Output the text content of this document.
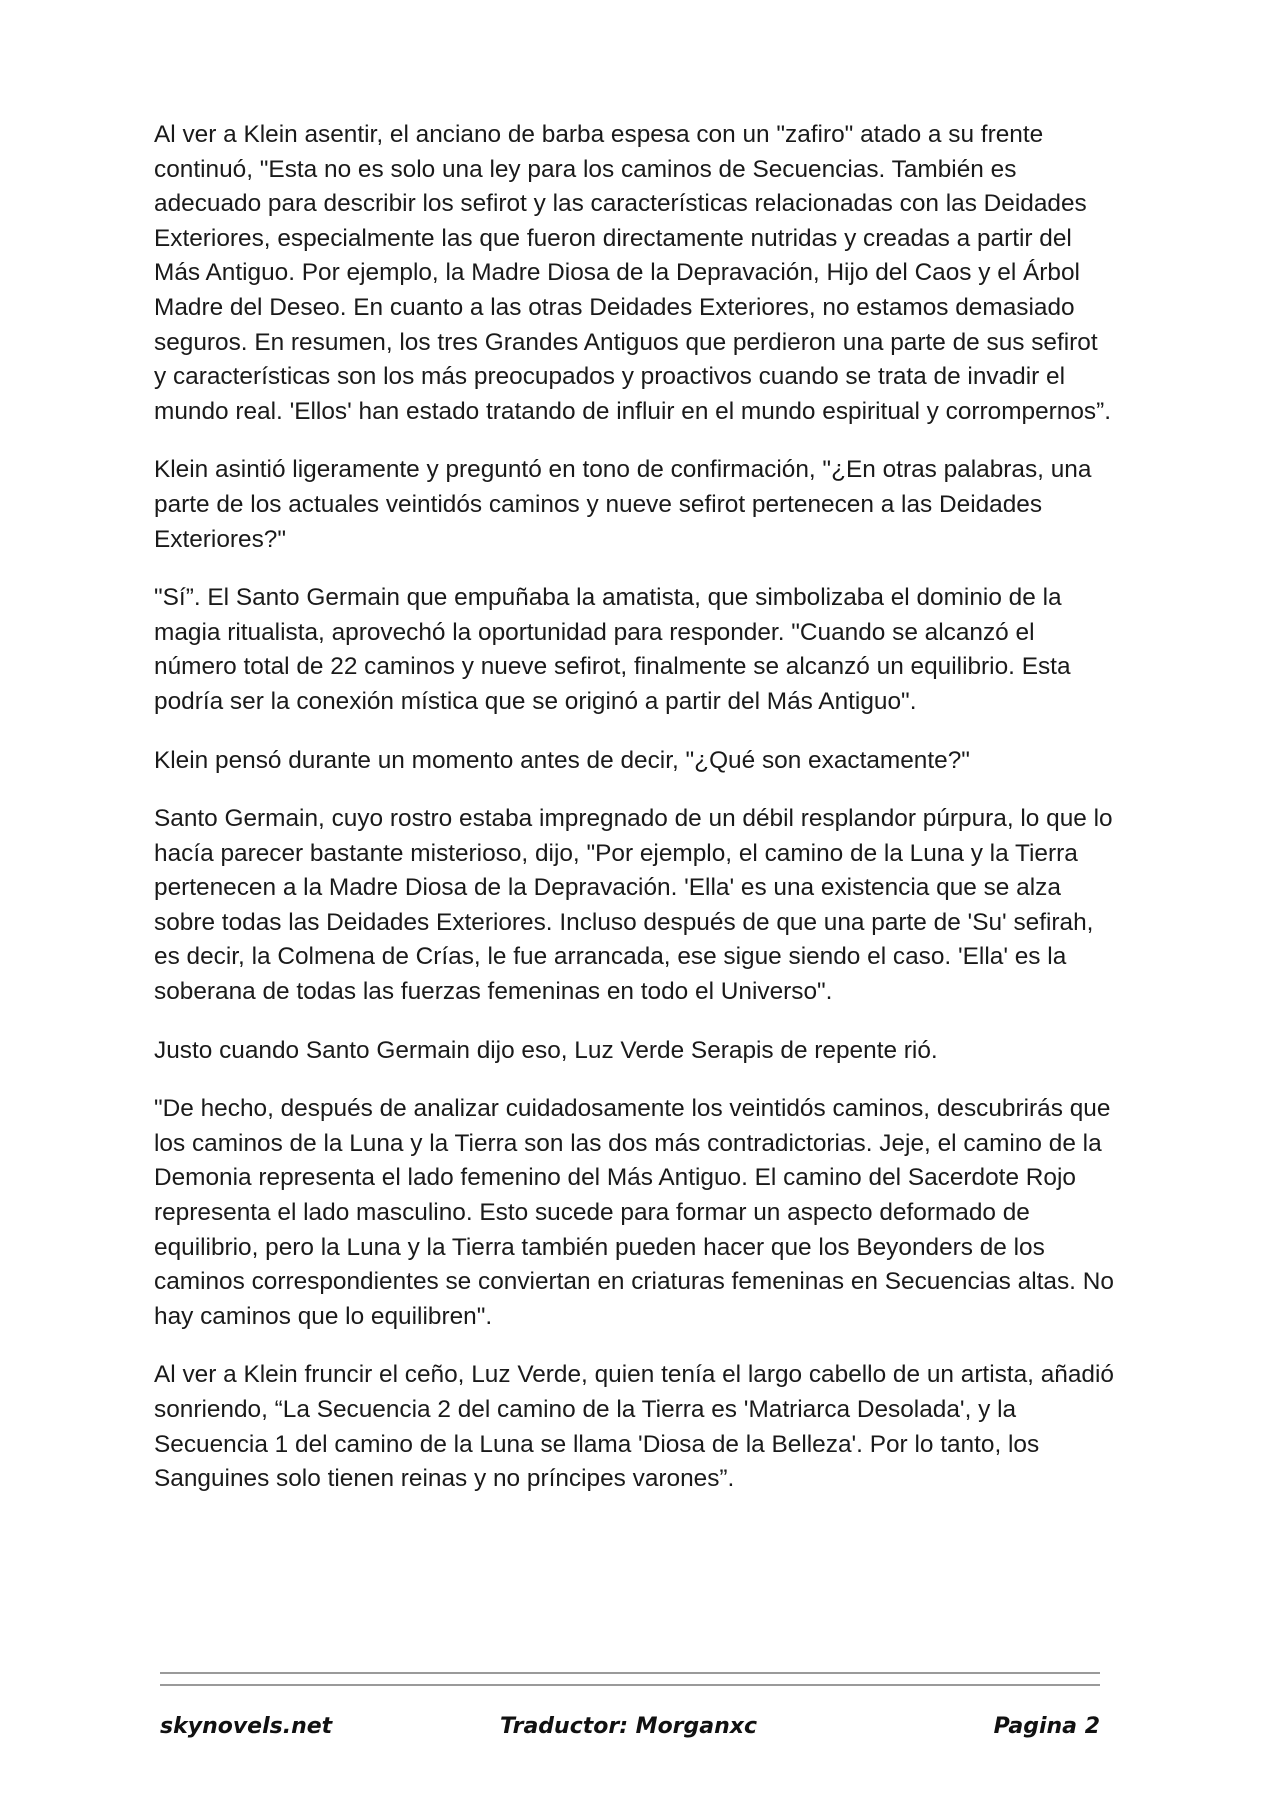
Al ver a Klein asentir, el anciano de barba espesa con un "zafiro" atado a su frente continuó, "Esta no es solo una ley para los caminos de Secuencias. También es adecuado para describir los sefirot y las características relacionadas con las Deidades Exteriores, especialmente las que fueron directamente nutridas y creadas a partir del Más Antiguo. Por ejemplo, la Madre Diosa de la Depravación, Hijo del Caos y el Árbol Madre del Deseo. En cuanto a las otras Deidades Exteriores, no estamos demasiado seguros. En resumen, los tres Grandes Antiguos que perdieron una parte de sus sefirot y características son los más preocupados y proactivos cuando se trata de invadir el mundo real. 'Ellos' han estado tratando de influir en el mundo espiritual y corrompernos”.

Klein asintió ligeramente y preguntó en tono de confirmación, "¿En otras palabras, una parte de los actuales veintidós caminos y nueve sefirot pertenecen a las Deidades Exteriores?"

"Sí”. El Santo Germain que empuñaba la amatista, que simbolizaba el dominio de la magia ritualista, aprovechó la oportunidad para responder. "Cuando se alcanzó el número total de 22 caminos y nueve sefirot, finalmente se alcanzó un equilibrio. Esta podría ser la conexión mística que se originó a partir del Más Antiguo".

Klein pensó durante un momento antes de decir, "¿Qué son exactamente?"

Santo Germain, cuyo rostro estaba impregnado de un débil resplandor púrpura, lo que lo hacía parecer bastante misterioso, dijo, "Por ejemplo, el camino de la Luna y la Tierra pertenecen a la Madre Diosa de la Depravación. 'Ella' es una existencia que se alza sobre todas las Deidades Exteriores. Incluso después de que una parte de 'Su' sefirah, es decir, la Colmena de Crías, le fue arrancada, ese sigue siendo el caso. 'Ella' es la soberana de todas las fuerzas femeninas en todo el Universo".

Justo cuando Santo Germain dijo eso, Luz Verde Serapis de repente rió.

"De hecho, después de analizar cuidadosamente los veintidós caminos, descubrirás que los caminos de la Luna y la Tierra son las dos más contradictorias. Jeje, el camino de la Demonia representa el lado femenino del Más Antiguo. El camino del Sacerdote Rojo representa el lado masculino. Esto sucede para formar un aspecto deformado de equilibrio, pero la Luna y la Tierra también pueden hacer que los Beyonders de los caminos correspondientes se conviertan en criaturas femeninas en Secuencias altas. No hay caminos que lo equilibren".

Al ver a Klein fruncir el ceño, Luz Verde, quien tenía el largo cabello de un artista, añadió sonriendo, “La Secuencia 2 del camino de la Tierra es 'Matriarca Desolada', y la Secuencia 1 del camino de la Luna se llama 'Diosa de la Belleza'. Por lo tanto, los Sanguines solo tienen reinas y no príncipes varones”.

skynovels.net	Traductor: Morganxc	Pagina 2
